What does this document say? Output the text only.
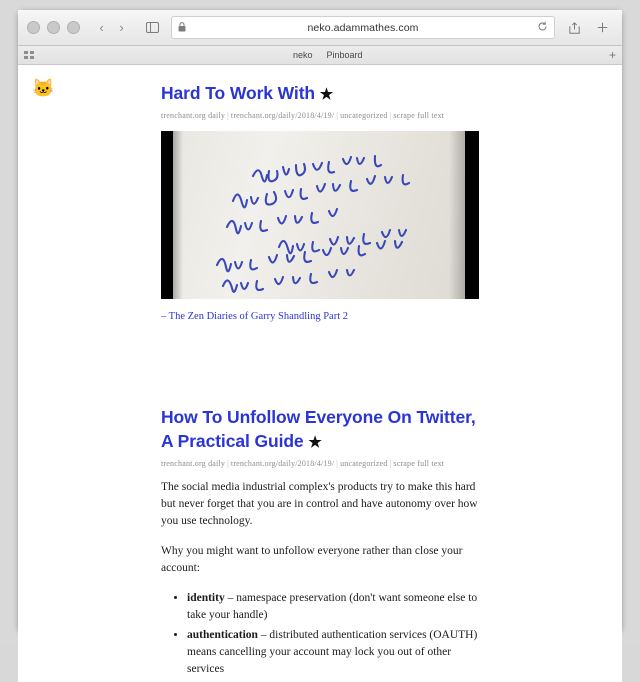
‹	›	neko.adammathes.com
neko Pinboard	+
🐱	Hard To Work With ★
trenchant.org daily | trenchant.org/daily/2018/4/19/ | uncategorized | scrape full text
– The Zen Diaries of Garry Shandling Part 2
How To Unfollow Everyone On Twitter, A Practical Guide ★
trenchant.org daily | trenchant.org/daily/2018/4/19/ | uncategorized | scrape full text

The social media industrial complex's products try to make this hard but never forget that you are in control and have autonomy over how you use technology.

Why you might want to unfollow everyone rather than close your account:

• identity – namespace preservation (don't want someone else to take your handle)
• authentication – distributed authentication services (OAUTH) means cancelling your account may lock you out of other services
